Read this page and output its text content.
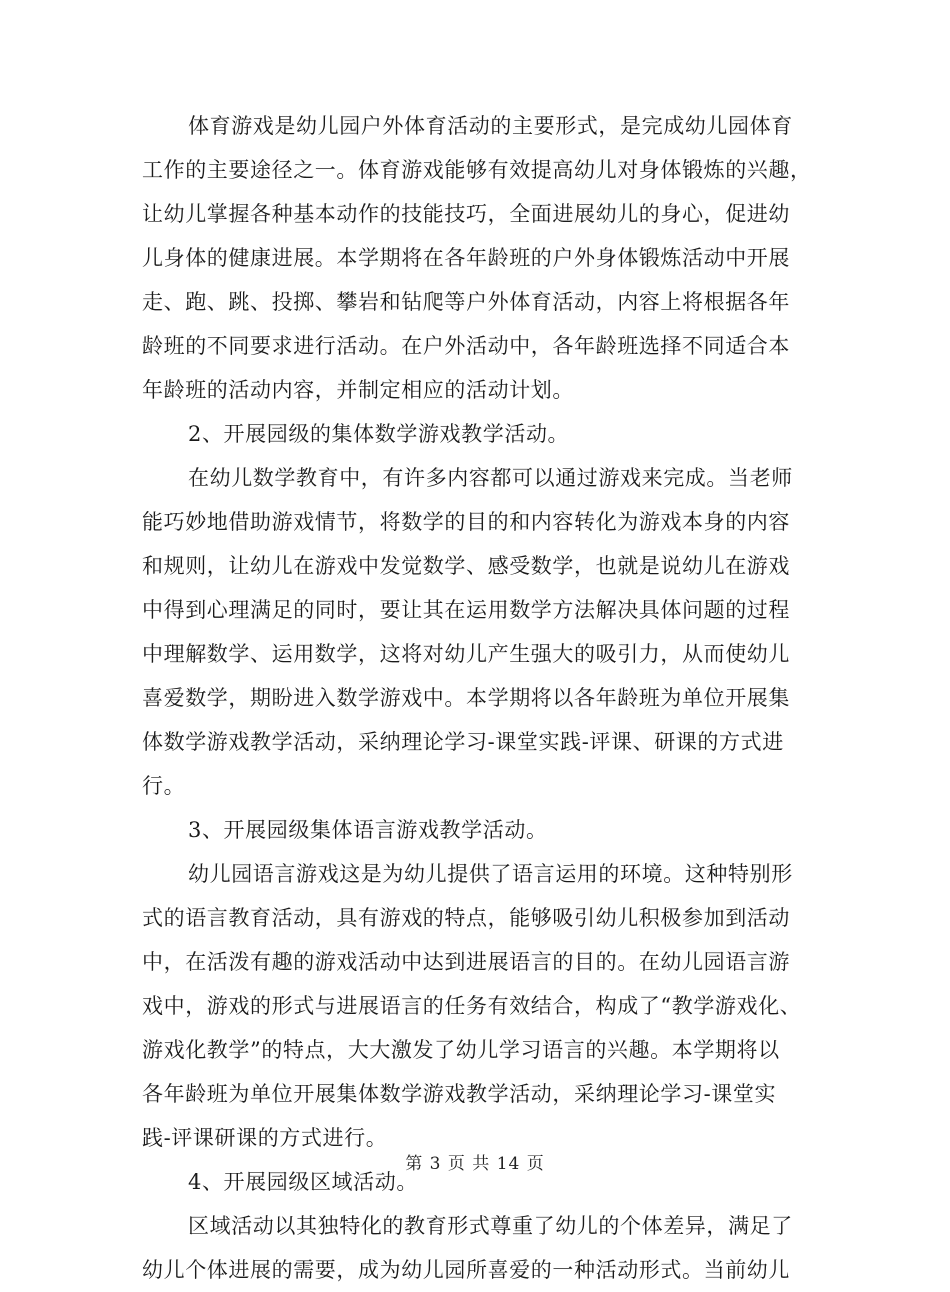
体育游戏是幼儿园户外体育活动的主要形式，是完成幼儿园体育
工作的主要途径之一。体育游戏能够有效提高幼儿对身体锻炼的兴趣，
让幼儿掌握各种基本动作的技能技巧，全面进展幼儿的身心，促进幼
儿身体的健康进展。本学期将在各年龄班的户外身体锻炼活动中开展
走、跑、跳、投掷、攀岩和钻爬等户外体育活动，内容上将根据各年
龄班的不同要求进行活动。在户外活动中，各年龄班选择不同适合本
年龄班的活动内容，并制定相应的活动计划。
2、开展园级的集体数学游戏教学活动。
在幼儿数学教育中，有许多内容都可以通过游戏来完成。当老师
能巧妙地借助游戏情节，将数学的目的和内容转化为游戏本身的内容
和规则，让幼儿在游戏中发觉数学、感受数学，也就是说幼儿在游戏
中得到心理满足的同时，要让其在运用数学方法解决具体问题的过程
中理解数学、运用数学，这将对幼儿产生强大的吸引力，从而使幼儿
喜爱数学，期盼进入数学游戏中。本学期将以各年龄班为单位开展集
体数学游戏教学活动，采纳理论学习-课堂实践-评课、研课的方式进
行。
3、开展园级集体语言游戏教学活动。
幼儿园语言游戏这是为幼儿提供了语言运用的环境。这种特别形
式的语言教育活动，具有游戏的特点，能够吸引幼儿积极参加到活动
中，在活泼有趣的游戏活动中达到进展语言的目的。在幼儿园语言游
戏中，游戏的形式与进展语言的任务有效结合，构成了“教学游戏化、
游戏化教学”的特点，大大激发了幼儿学习语言的兴趣。本学期将以
各年龄班为单位开展集体数学游戏教学活动，采纳理论学习-课堂实
践-评课研课的方式进行。
4、开展园级区域活动。
区域活动以其独特化的教育形式尊重了幼儿的个体差异，满足了
幼儿个体进展的需要，成为幼儿园所喜爱的一种活动形式。当前幼儿
第 3 页 共 14 页
